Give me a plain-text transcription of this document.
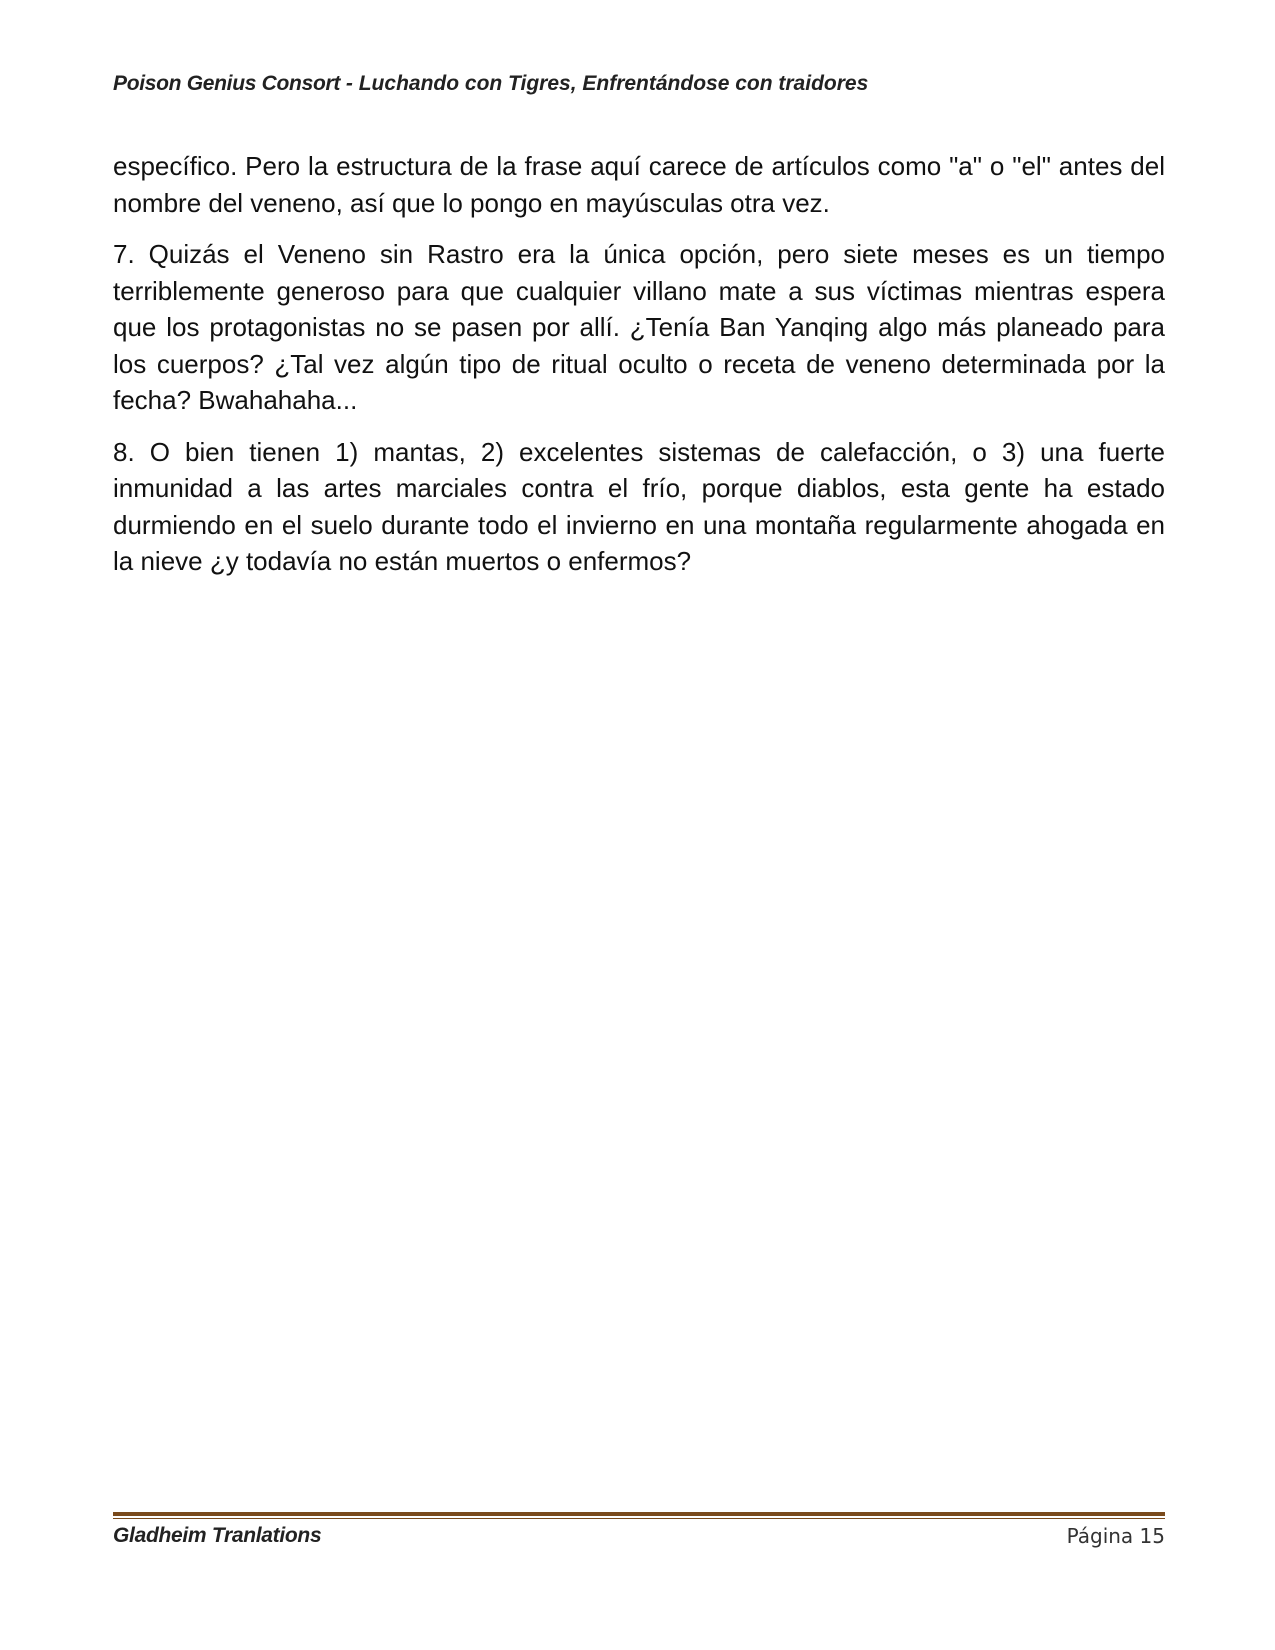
Poison Genius Consort - Luchando con Tigres, Enfrentándose con traidores

específico. Pero la estructura de la frase aquí carece de artículos como "a" o "el" antes del nombre del veneno, así que lo pongo en mayúsculas otra vez.

7. Quizás el Veneno sin Rastro era la única opción, pero siete meses es un tiempo terriblemente generoso para que cualquier villano mate a sus víctimas mientras espera que los protagonistas no se pasen por allí. ¿Tenía Ban Yanqing algo más planeado para los cuerpos? ¿Tal vez algún tipo de ritual oculto o receta de veneno determinada por la fecha? Bwahahaha...

8. O bien tienen 1) mantas, 2) excelentes sistemas de calefacción, o 3) una fuerte inmunidad a las artes marciales contra el frío, porque diablos, esta gente ha estado durmiendo en el suelo durante todo el invierno en una montaña regularmente ahogada en la nieve ¿y todavía no están muertos o enfermos?

Gladheim Tranlations	Página 15
